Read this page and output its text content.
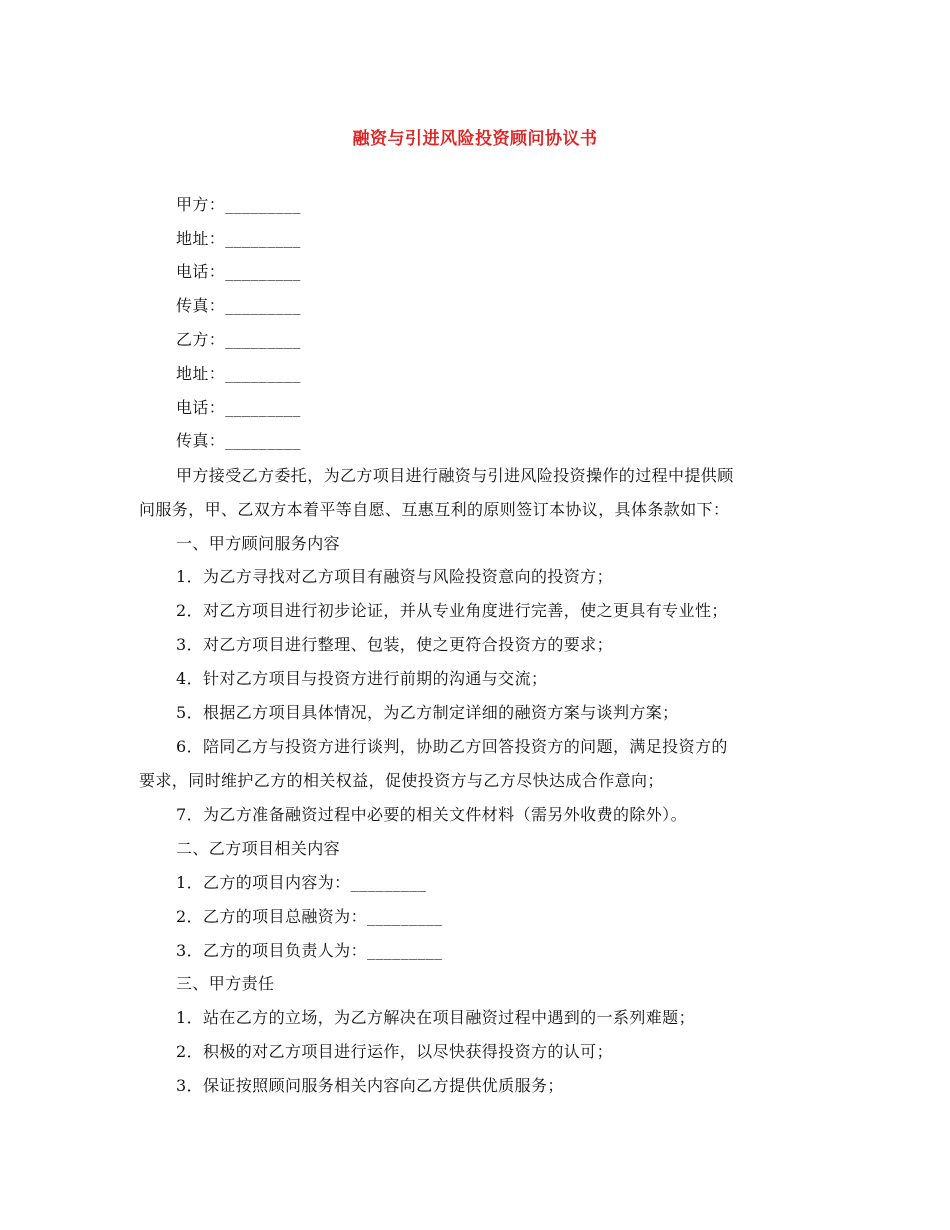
融资与引进风险投资顾问协议书
甲方：_________
地址：_________
电话：_________
传真：_________
乙方：_________
地址：_________
电话：_________
传真：_________
甲方接受乙方委托，为乙方项目进行融资与引进风险投资操作的过程中提供顾
问服务，甲、乙双方本着平等自愿、互惠互利的原则签订本协议，具体条款如下：
一、甲方顾问服务内容
1．为乙方寻找对乙方项目有融资与风险投资意向的投资方；
2．对乙方项目进行初步论证，并从专业角度进行完善，使之更具有专业性；
3．对乙方项目进行整理、包装，使之更符合投资方的要求；
4．针对乙方项目与投资方进行前期的沟通与交流；
5．根据乙方项目具体情况，为乙方制定详细的融资方案与谈判方案；
6．陪同乙方与投资方进行谈判，协助乙方回答投资方的问题，满足投资方的
要求，同时维护乙方的相关权益，促使投资方与乙方尽快达成合作意向；
7．为乙方准备融资过程中必要的相关文件材料（需另外收费的除外）。
二、乙方项目相关内容
1．乙方的项目内容为：_________
2．乙方的项目总融资为：_________
3．乙方的项目负责人为：_________
三、甲方责任
1．站在乙方的立场，为乙方解决在项目融资过程中遇到的一系列难题；
2．积极的对乙方项目进行运作，以尽快获得投资方的认可；
3．保证按照顾问服务相关内容向乙方提供优质服务；
